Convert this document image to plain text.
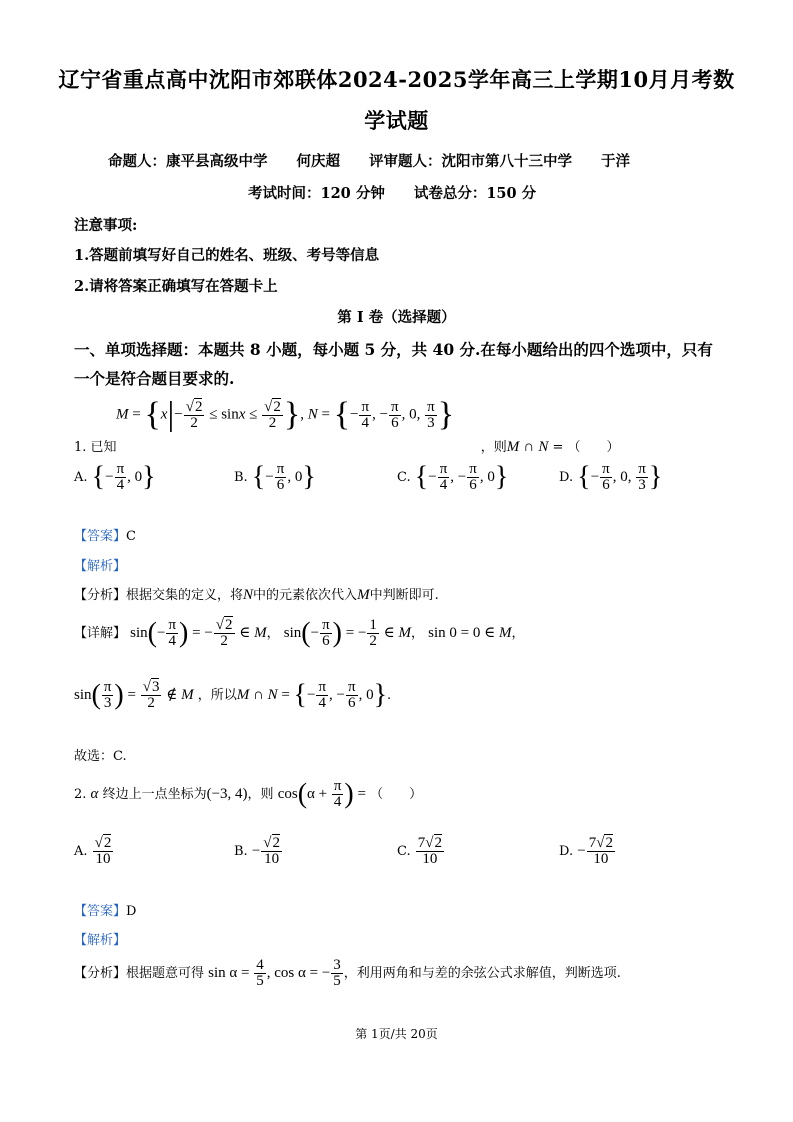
辽宁省重点高中沈阳市郊联体2024-2025学年高三上学期10月月考数
学试题
命题人：康平县高级中学　　何庆超　　评审题人：沈阳市第八十三中学　　于洋
考试时间：120 分钟　　试卷总分：150 分
注意事项:
1.答题前填写好自己的姓名、班级、考号等信息
2.请将答案正确填写在答题卡上
第 I 卷（选择题）
一、单项选择题：本题共 8 小题，每小题 5 分，共 40 分.在每小题给出的四个选项中，只有
一个是符合题目要求的.
$M = \{x|- \frac{√2}{2} \le \sin x \le \frac{√2}{2}$ }, N = {− $\frac{\pi}{4}$ , − $\frac{\pi}{6}$ , 0, $\frac{\pi}{3}$ }
1. 已知	，则M ∩ N = （　　）
A. {− $\frac{\pi}{4}$ , 0}	B. {− $\frac{\pi}{6}$ , 0}	C. {− $\frac{\pi}{4}$ , − $\frac{\pi}{6}$ , 0}	D. {− $\frac{\pi}{6}$ , 0, $\frac{\pi}{3}$ }
【答案】C
【解析】
【分析】根据交集的定义，将N中的元素依次代入M中判断即可.
【详解】 $\sin(- \frac{\pi}{4}$ ) = − $\frac{√2}{2}$ ∈ M， $\sin(- \frac{\pi}{6}$ ) = − $\frac{1}{2}$ ∈ M， sin 0 = 0 ∈ M，
$\sin( \frac{\pi}{3}$ ) = $\frac{√3}{2}$ ∉ M ，所以M ∩ N = {− $\frac{\pi}{4}$ , − $\frac{\pi}{6}$ , 0}.
故选：C.
2. α 终边上一点坐标为(−3, 4)，则 $\cos(\alpha + \frac{\pi}{4}$ ) = （　　）
A. $\frac{√2}{10}$	B. − $\frac{√2}{10}$	C. $\frac{7√2}{10}$	D. − $\frac{7√2}{10}$
【答案】D
【解析】
【分析】根据题意可得 $\sin \alpha = \frac{4}{5}$ , cos α = − $\frac{3}{5}$ ，利用两角和与差的余弦公式求解值，判断选项.
第 1页/共 20页
